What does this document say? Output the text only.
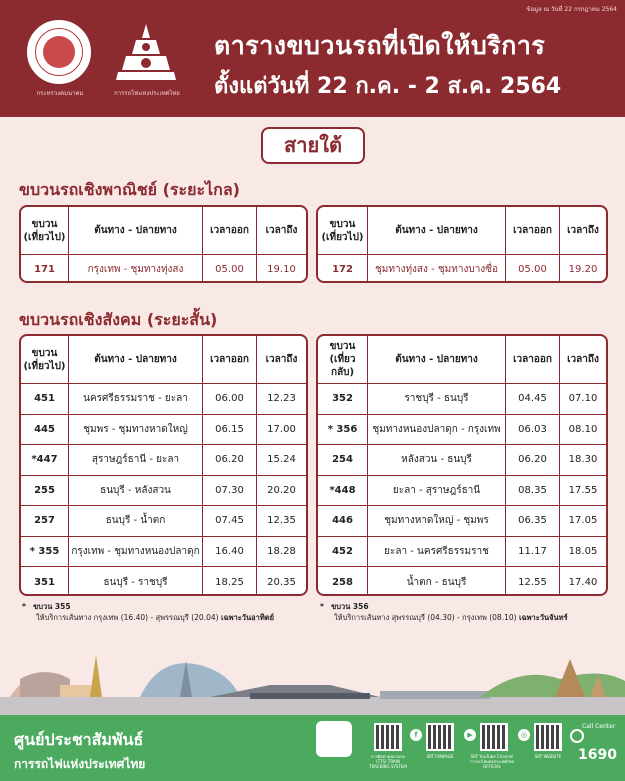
ข้อมูล ณ วันที่ 22 กรกฎาคม 2564
กระทรวงคมนาคม	การรถไฟแห่งประเทศไทย
ตารางขบวนรถที่เปิดให้บริการ
ตั้งแต่วันที่ 22 ก.ค. - 2 ส.ค. 2564
สายใต้
ขบวนรถเชิงพาณิชย์ (ระยะไกล)
ขบวน
(เที่ยวไป)
ต้นทาง - ปลายทาง	เวลาออก	เวลาถึง
171	กรุงเทพ - ชุมทางทุ่งสง	05.00	19.10
ขบวน
(เที่ยวไป)
ต้นทาง - ปลายทาง	เวลาออก	เวลาถึง
172	ชุมทางทุ่งสง - ชุมทางบางซื่อ	05.00	19.20
ขบวนรถเชิงสังคม (ระยะสั้น)
ขบวน
(เที่ยวไป)
ต้นทาง - ปลายทาง	เวลาออก	เวลาถึง
451	นครศรีธรรมราช - ยะลา	06.00	12.23
445	ชุมพร - ชุมทางหาดใหญ่	06.15	17.00
*447	สุราษฎร์ธานี - ยะลา	06.20	15.24
255	ธนบุรี - หลังสวน	07.30	20.20
257	ธนบุรี - น้ำตก	07.45	12.35
* 355	กรุงเทพ - ชุมทางหนองปลาดุก	16.40	18.28
351	ธนบุรี - ราชบุรี	18.25	20.35
ขบวน
(เที่ยวกลับ)
ต้นทาง - ปลายทาง	เวลาออก	เวลาถึง
352	ราชบุรี - ธนบุรี	04.45	07.10
* 356	ชุมทางหนองปลาดุก - กรุงเทพ	06.03	08.10
254	หลังสวน - ธนบุรี	06.20	18.30
*448	ยะลา - สุราษฎร์ธานี	08.35	17.55
446	ชุมทางหาดใหญ่ - ชุมพร	06.35	17.05
452	ยะลา - นครศรีธรรมราช	11.17	18.05
258	น้ำตก - ธนบุรี	12.55	17.40
* ขบวน 355
ให้บริการเส้นทาง กรุงเทพ (16.40) - สุพรรณบุรี (20.04) เฉพาะวันอาทิตย์
* ขบวน 356
ให้บริการเส้นทาง สุพรรณบุรี (04.30) - กรุงเทพ (08.10) เฉพาะวันจันทร์
ศูนย์ประชาสัมพันธ์
การรถไฟแห่งประเทศไทย
การติดตามขบวนรถ (TTS) TRAIN TRACKING SYSTEM
f
SRT FANPAGE
▶
SRT YouTube Channel การรถไฟแห่งประเทศไทย OFFICIAL
◎
SRT WEBSITE
Call Center
1690
